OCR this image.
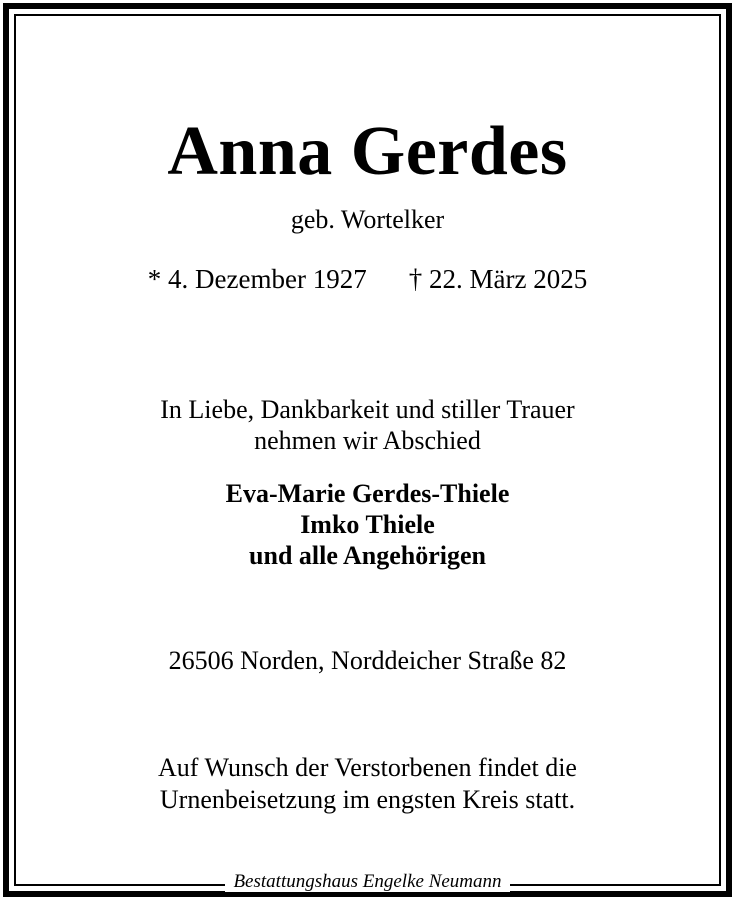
Anna Gerdes
geb. Wortelker
* 4. Dezember 1927 † 22. März 2025
In Liebe, Dankbarkeit und stiller Trauer
nehmen wir Abschied
Eva-Marie Gerdes-Thiele
Imko Thiele
und alle Angehörigen
26506 Norden, Norddeicher Straße 82
Auf Wunsch der Verstorbenen findet die
Urnenbeisetzung im engsten Kreis statt.
Bestattungshaus Engelke Neumann
